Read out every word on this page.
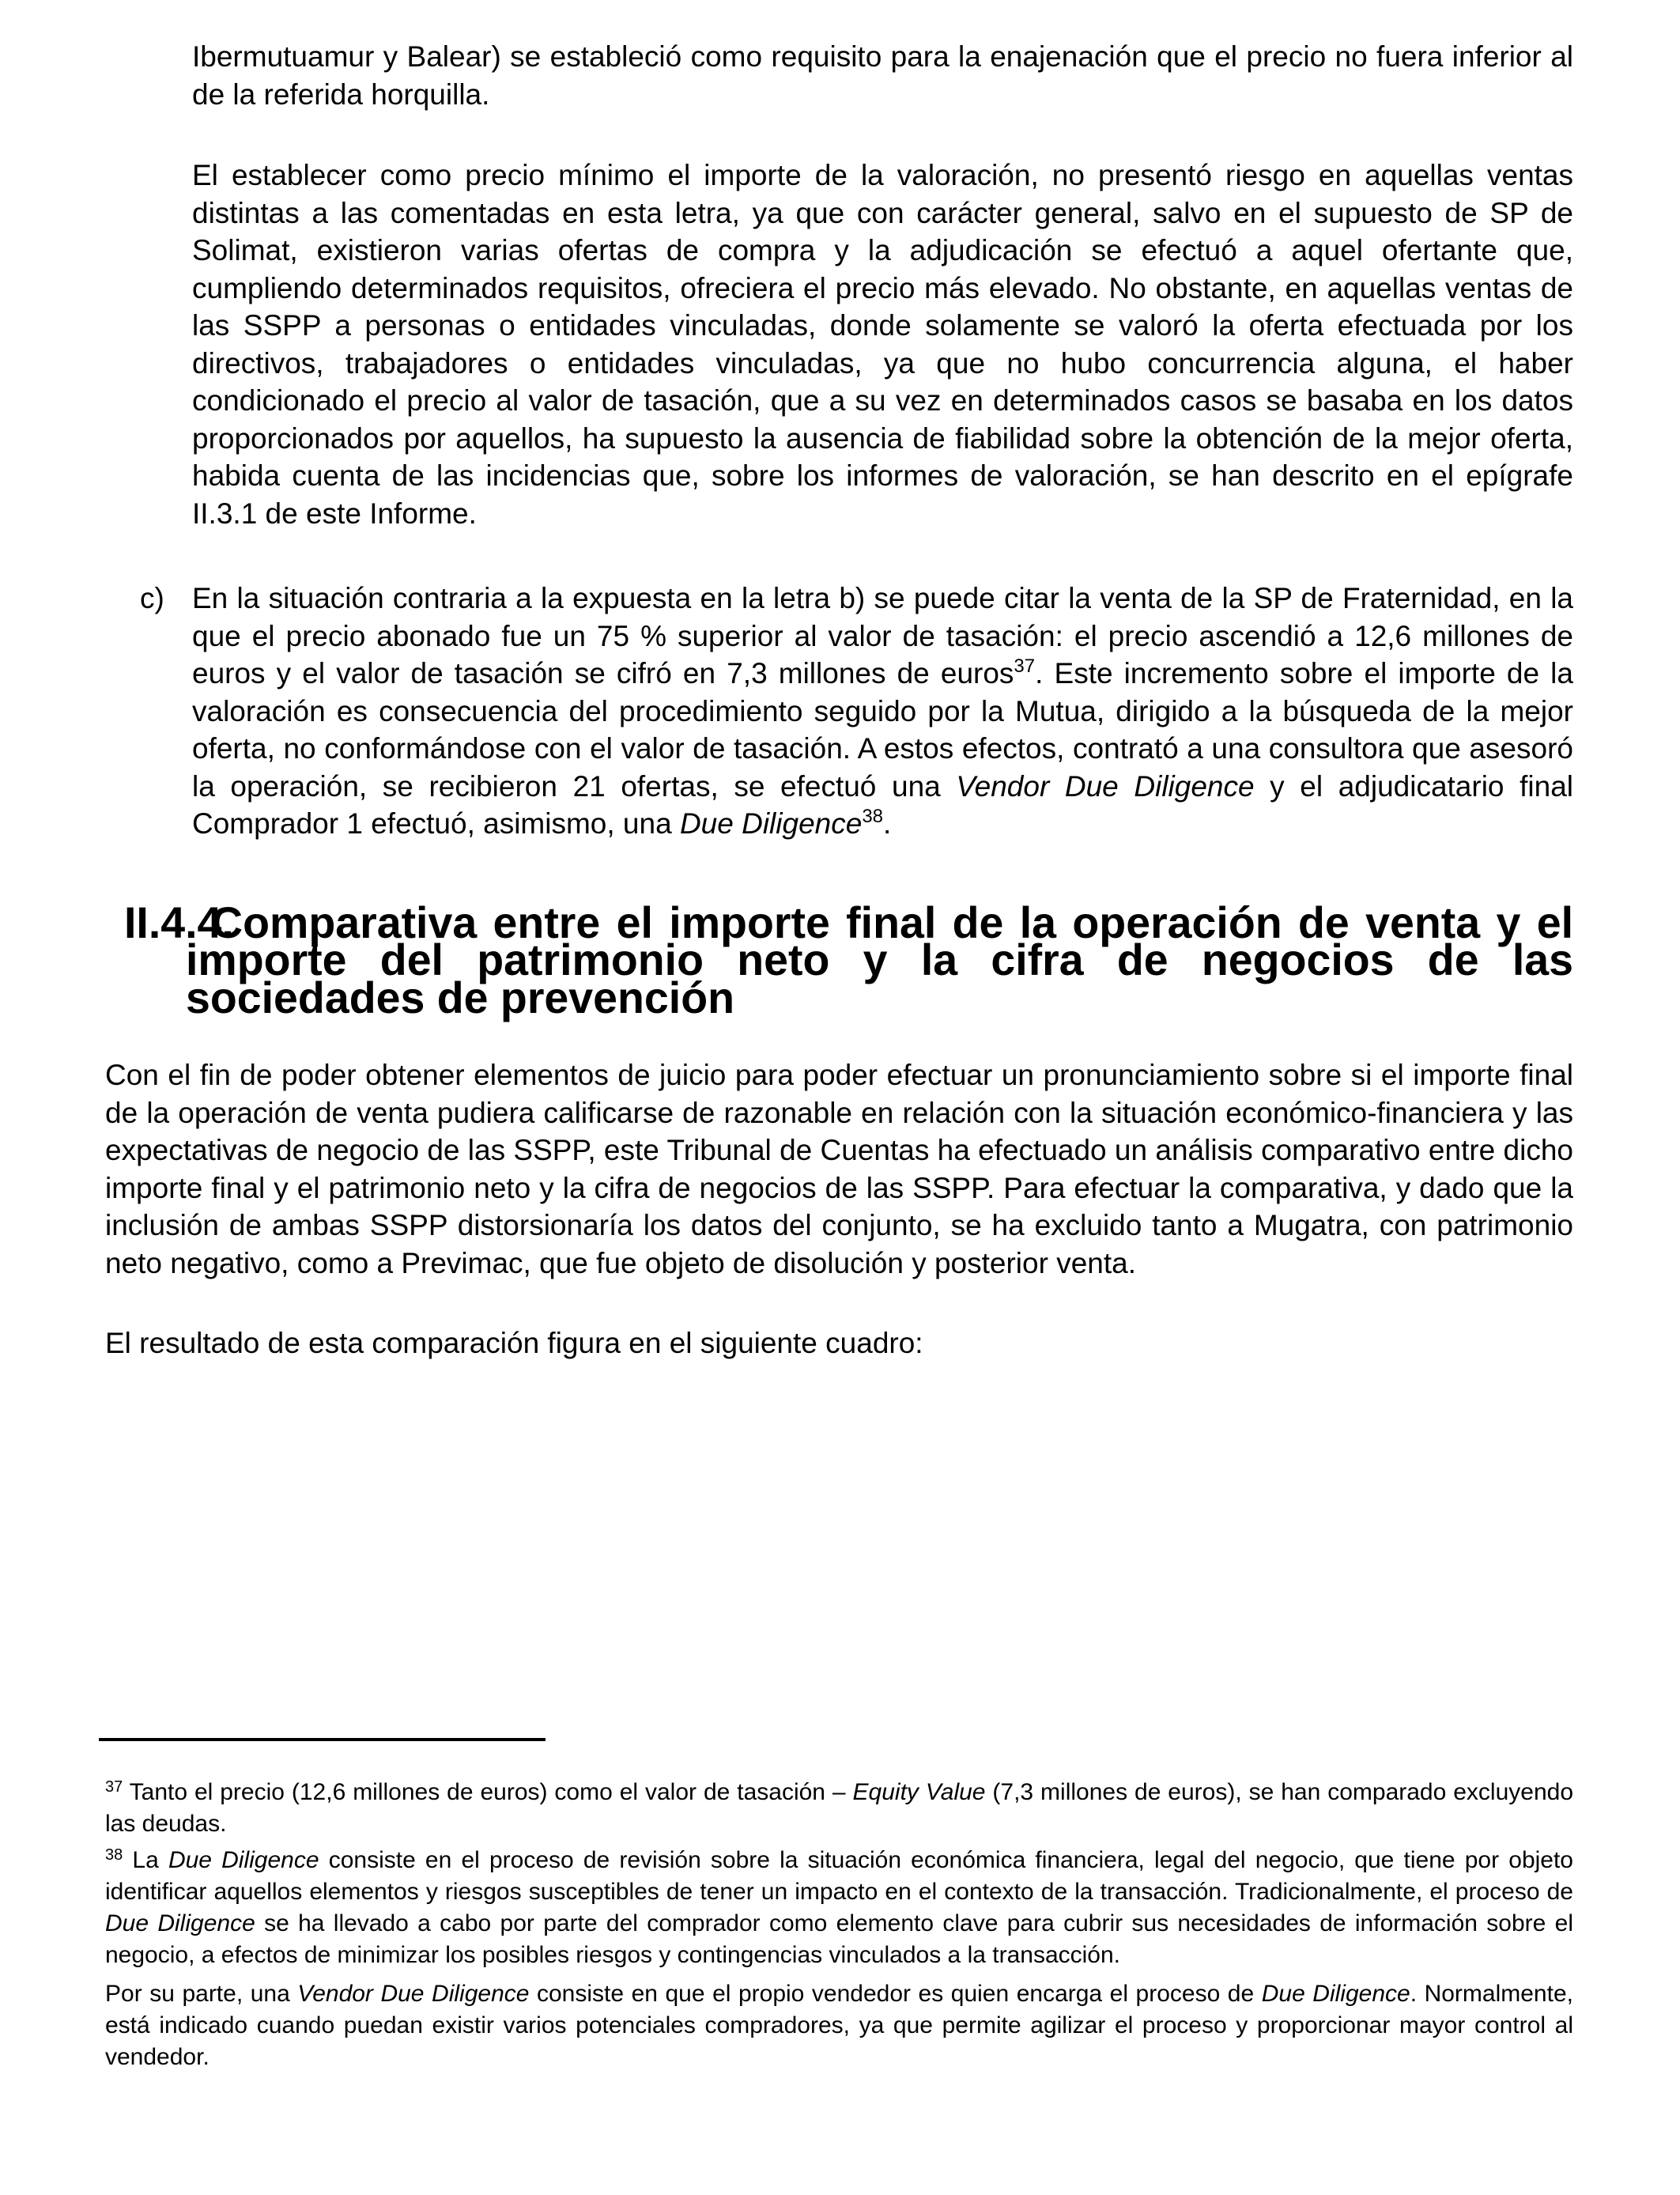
Ibermutuamur y Balear) se estableció como requisito para la enajenación que el precio no fuera inferior al de la referida horquilla.

El establecer como precio mínimo el importe de la valoración, no presentó riesgo en aquellas ventas distintas a las comentadas en esta letra, ya que con carácter general, salvo en el supuesto de SP de Solimat, existieron varias ofertas de compra y la adjudicación se efectuó a aquel ofertante que, cumpliendo determinados requisitos, ofreciera el precio más elevado. No obstante, en aquellas ventas de las SSPP a personas o entidades vinculadas, donde solamente se valoró la oferta efectuada por los directivos, trabajadores o entidades vinculadas, ya que no hubo concurrencia alguna, el haber condicionado el precio al valor de tasación, que a su vez en determinados casos se basaba en los datos proporcionados por aquellos, ha supuesto la ausencia de fiabilidad sobre la obtención de la mejor oferta, habida cuenta de las incidencias que, sobre los informes de valoración, se han descrito en el epígrafe II.3.1 de este Informe.

c) En la situación contraria a la expuesta en la letra b) se puede citar la venta de la SP de Fraternidad, en la que el precio abonado fue un 75 % superior al valor de tasación: el precio ascendió a 12,6 millones de euros y el valor de tasación se cifró en 7,3 millones de euros$^{37}$. Este incremento sobre el importe de la valoración es consecuencia del procedimiento seguido por la Mutua, dirigido a la búsqueda de la mejor oferta, no conformándose con el valor de tasación. A estos efectos, contrató a una consultora que asesoró la operación, se recibieron 21 ofertas, se efectuó una Vendor Due Diligence y el adjudicatario final Comprador 1 efectuó, asimismo, una Due Diligence$^{38}$.

II.4.4.
Comparativa entre el importe final de la operación de venta y el importe del patrimonio neto y la cifra de negocios de las sociedades de prevención

Con el fin de poder obtener elementos de juicio para poder efectuar un pronunciamiento sobre si el importe final de la operación de venta pudiera calificarse de razonable en relación con la situación económico-financiera y las expectativas de negocio de las SSPP, este Tribunal de Cuentas ha efectuado un análisis comparativo entre dicho importe final y el patrimonio neto y la cifra de negocios de las SSPP. Para efectuar la comparativa, y dado que la inclusión de ambas SSPP distorsionaría los datos del conjunto, se ha excluido tanto a Mugatra, con patrimonio neto negativo, como a Previmac, que fue objeto de disolución y posterior venta.

El resultado de esta comparación figura en el siguiente cuadro:

$^{37}$ Tanto el precio (12,6 millones de euros) como el valor de tasación – Equity Value (7,3 millones de euros), se han comparado excluyendo las deudas.

$^{38}$ La Due Diligence consiste en el proceso de revisión sobre la situación económica financiera, legal del negocio, que tiene por objeto identificar aquellos elementos y riesgos susceptibles de tener un impacto en el contexto de la transacción. Tradicionalmente, el proceso de Due Diligence se ha llevado a cabo por parte del comprador como elemento clave para cubrir sus necesidades de información sobre el negocio, a efectos de minimizar los posibles riesgos y contingencias vinculados a la transacción.

Por su parte, una Vendor Due Diligence consiste en que el propio vendedor es quien encarga el proceso de Due Diligence. Normalmente, está indicado cuando puedan existir varios potenciales compradores, ya que permite agilizar el proceso y proporcionar mayor control al vendedor.
